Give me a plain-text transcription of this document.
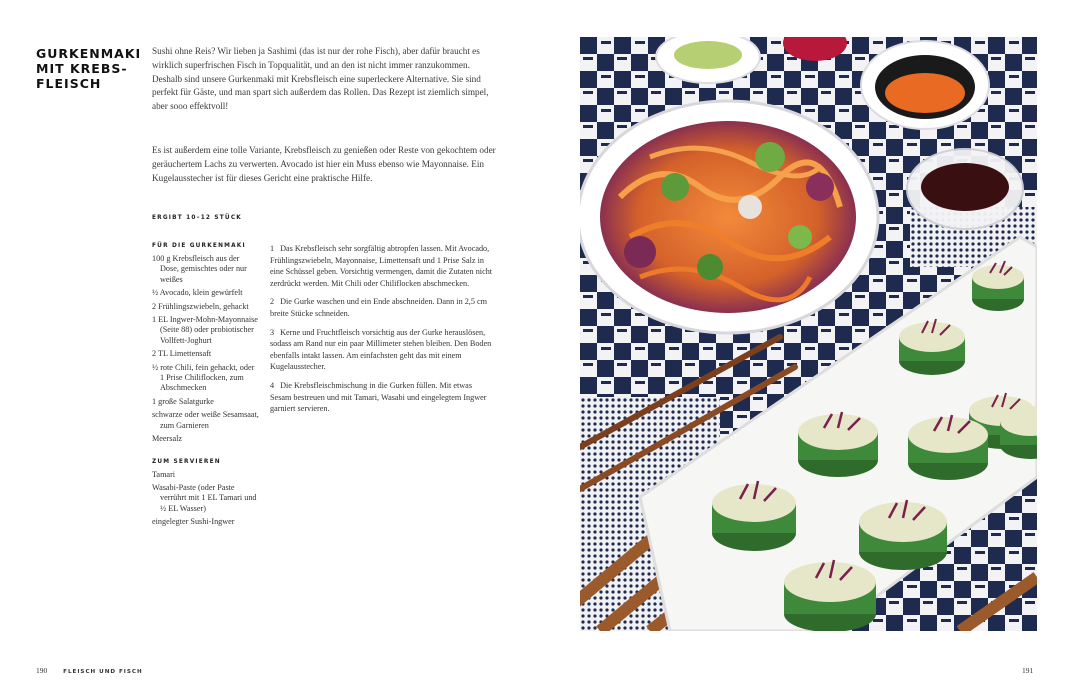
GURKENMAKI
MIT KREBS-
FLEISCH

Sushi ohne Reis? Wir lieben ja Sashimi (das ist nur der rohe Fisch), aber dafür braucht es wirklich superfrischen Fisch in Topqualität, und an den ist nicht immer ranzukommen. Deshalb sind unsere Gurkenmaki mit Krebsfleisch eine superleckere Alternative. Sie sind perfekt für Gäste, und man spart sich außerdem das Rollen. Das Rezept ist ziemlich simpel, aber sooo effektvoll!

Es ist außerdem eine tolle Variante, Krebsfleisch zu genießen oder Reste von gekochtem oder geräuchertem Lachs zu verwerten. Avocado ist hier ein Muss ebenso wie Mayonnaise. Ein Kugelausstecher ist für dieses Gericht eine praktische Hilfe.

ERGIBT 10–12 STÜCK
FÜR DIE GURKENMAKI
100 g Krebsfleisch aus der Dose, gemischtes oder nur weißes
½ Avocado, klein gewürfelt
2 Frühlingszwiebeln, gehackt
1 EL Ingwer-Mohn-Mayonnaise (Seite 88) oder probiotischer Vollfett-Joghurt
2 TL Limettensaft
½ rote Chili, fein gehackt, oder 1 Prise Chiliflocken, zum Abschmecken
1 große Salatgurke
schwarze oder weiße Sesamsaat, zum Garnieren
Meersalz
ZUM SERVIEREN
Tamari
Wasabi-Paste (oder Paste verrührt mit 1 EL Tamari und ½ EL Wasser)
eingelegter Sushi-Ingwer
1 Das Krebsfleisch sehr sorgfältig abtropfen lassen. Mit Avocado, Frühlingszwiebeln, Mayonnaise, Limettensaft und 1 Prise Salz in eine Schüssel geben. Vorsichtig vermengen, damit die Zutaten nicht zerdrückt werden. Mit Chili oder Chiliflocken abschmecken.
2 Die Gurke waschen und ein Ende abschneiden. Dann in 2,5 cm breite Stücke schneiden.
3 Kerne und Fruchtfleisch vorsichtig aus der Gurke herauslösen, sodass am Rand nur ein paar Millimeter stehen bleiben. Den Boden ebenfalls intakt lassen. Am einfachsten geht das mit einem Kugelausstecher.
4 Die Krebsfleischmischung in die Gurken füllen. Mit etwas Sesam bestreuen und mit Tamari, Wasabi und eingelegtem Ingwer garniert servieren.
190	FLEISCH UND FISCH	191
